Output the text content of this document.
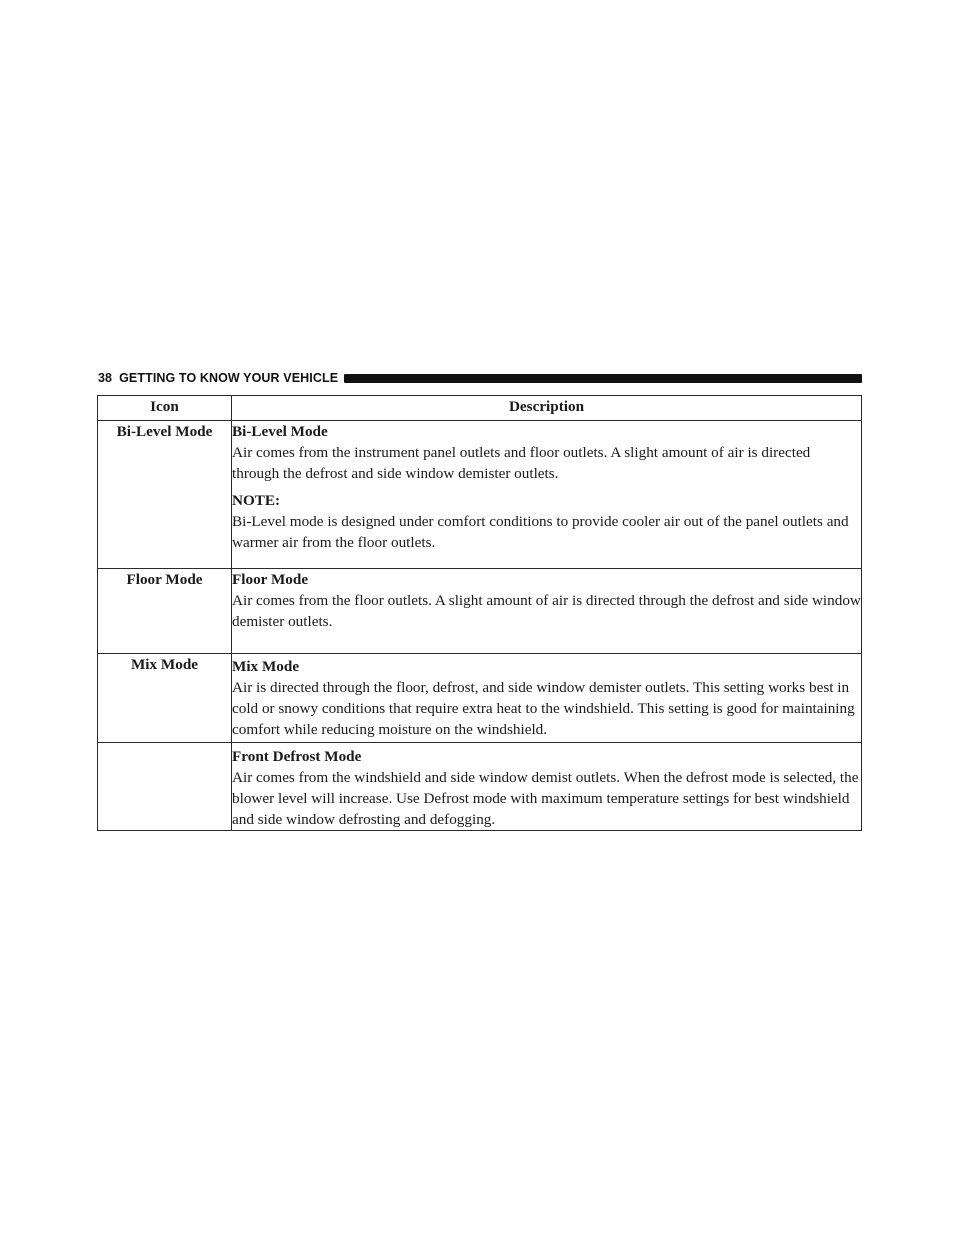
38 GETTING TO KNOW YOUR VEHICLE
Icon	Description
Bi-Level Mode	Bi-Level Mode
Air comes from the instrument panel outlets and floor outlets. A slight amount of air is directed through the defrost and side window demister outlets.
NOTE:
Bi-Level mode is designed under comfort conditions to provide cooler air out of the panel outlets and warmer air from the floor outlets.

Floor Mode	Floor Mode
Air comes from the floor outlets. A slight amount of air is directed through the defrost and side window demister outlets.

Mix Mode	Mix Mode
Air is directed through the floor, defrost, and side window demister outlets. This setting works best in cold or snowy conditions that require extra heat to the windshield. This setting is good for maintaining comfort while reducing moisture on the windshield.

	Front Defrost Mode
Air comes from the windshield and side window demist outlets. When the defrost mode is selected, the blower level will increase. Use Defrost mode with maximum temperature settings for best windshield and side window defrosting and defogging.
